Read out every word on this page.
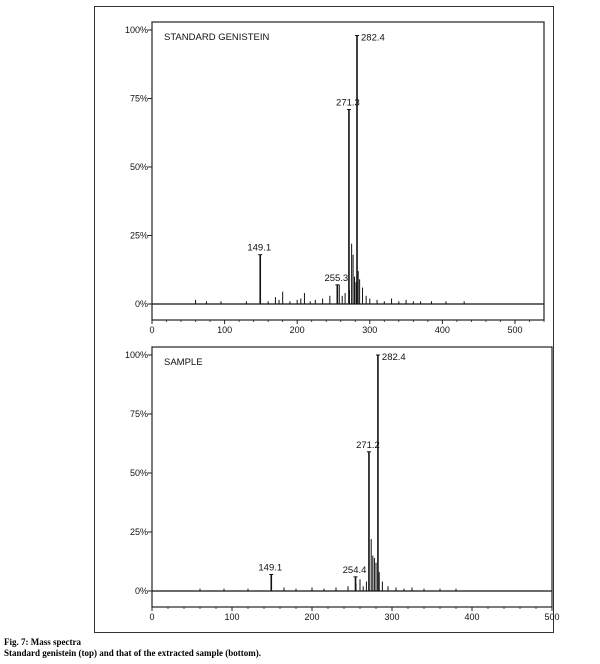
0%
25%
50%
75%
100%
0	100	200	300	400	500
STANDARD GENISTEIN
149.1
255.3
271.3
282.4
0%
25%
50%
75%
100%
0	100	200	300	400	500
SAMPLE
149.1	254.4
271.2
282.4
Fig. 7: Mass spectra
Standard genistein (top) and that of the extracted sample (bottom).
